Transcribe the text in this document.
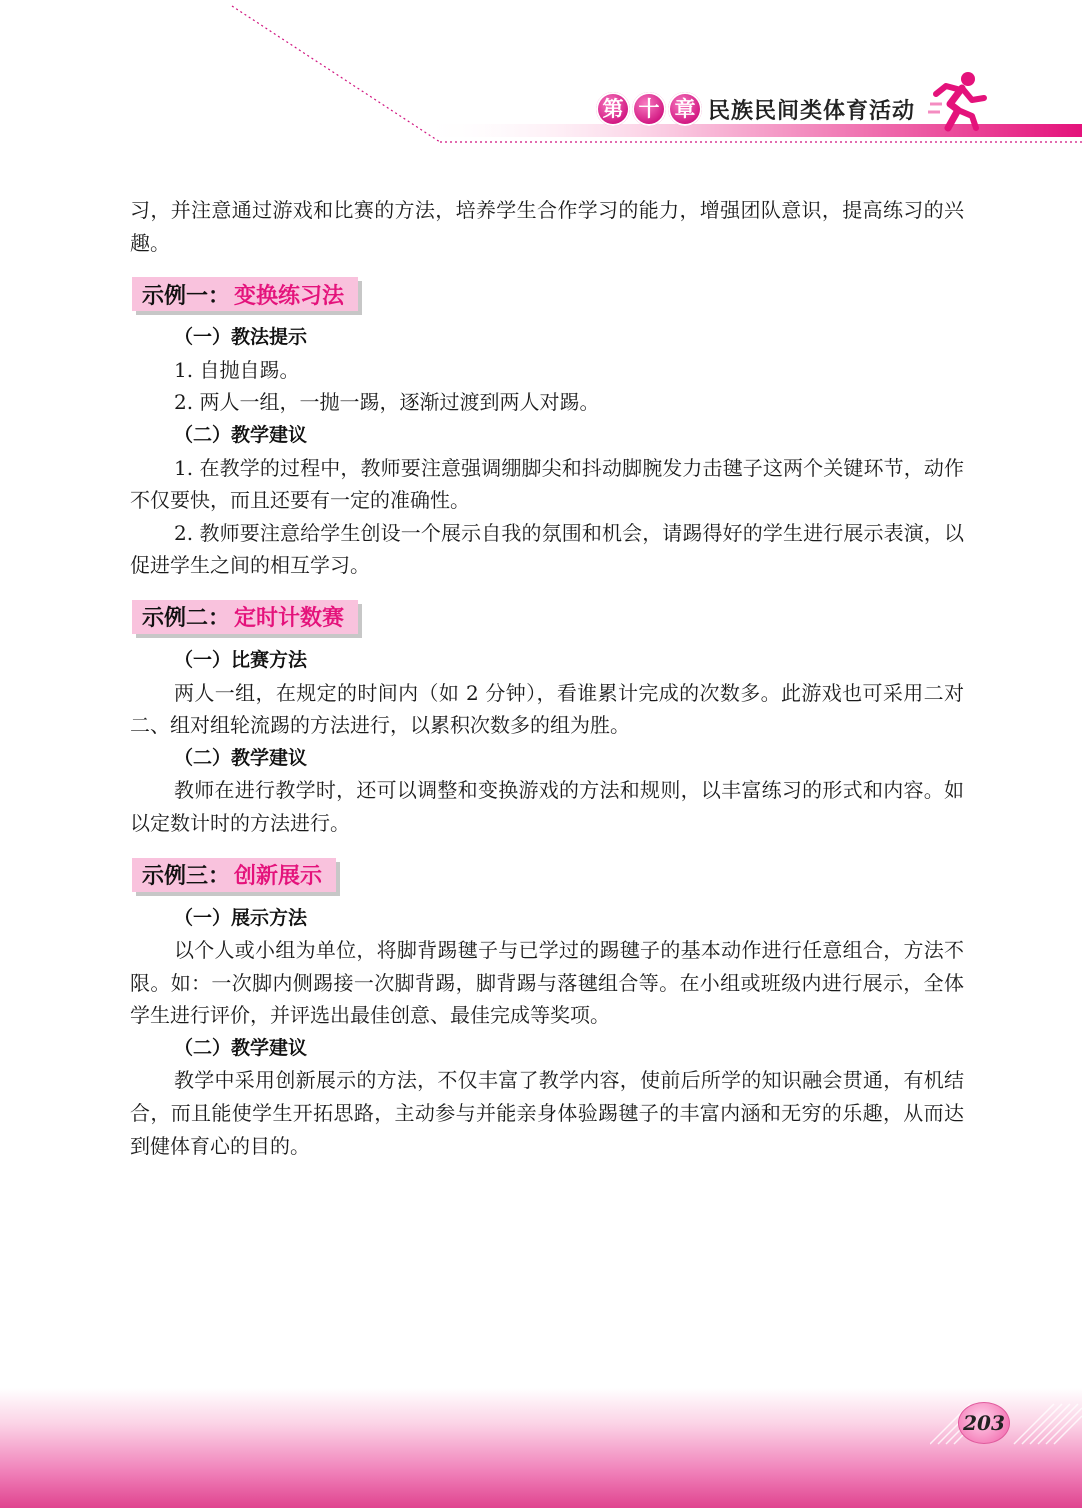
第 十 章 民族民间类体育活动

习，并注意通过游戏和比赛的方法，培养学生合作学习的能力，增强团队意识，提高练习的兴趣。

示例一： 变换练习法
（一）教法提示

1. 自抛自踢。

2. 两人一组，一抛一踢，逐渐过渡到两人对踢。

（二）教学建议

1. 在教学的过程中，教师要注意强调绷脚尖和抖动脚腕发力击毽子这两个关键环节，动作不仅要快，而且还要有一定的准确性。

2. 教师要注意给学生创设一个展示自我的氛围和机会，请踢得好的学生进行展示表演，以促进学生之间的相互学习。

示例二： 定时计数赛
（一）比赛方法

两人一组，在规定的时间内（如 2 分钟），看谁累计完成的次数多。此游戏也可采用二对二、组对组轮流踢的方法进行，以累积次数多的组为胜。

（二）教学建议

教师在进行教学时，还可以调整和变换游戏的方法和规则，以丰富练习的形式和内容。如以定数计时的方法进行。

示例三： 创新展示
（一）展示方法

以个人或小组为单位，将脚背踢毽子与已学过的踢毽子的基本动作进行任意组合，方法不限。如：一次脚内侧踢接一次脚背踢，脚背踢与落毽组合等。在小组或班级内进行展示，全体学生进行评价，并评选出最佳创意、最佳完成等奖项。

（二）教学建议

教学中采用创新展示的方法，不仅丰富了教学内容，使前后所学的知识融会贯通，有机结合，而且能使学生开拓思路，主动参与并能亲身体验踢毽子的丰富内涵和无穷的乐趣，从而达到健体育心的目的。

203
